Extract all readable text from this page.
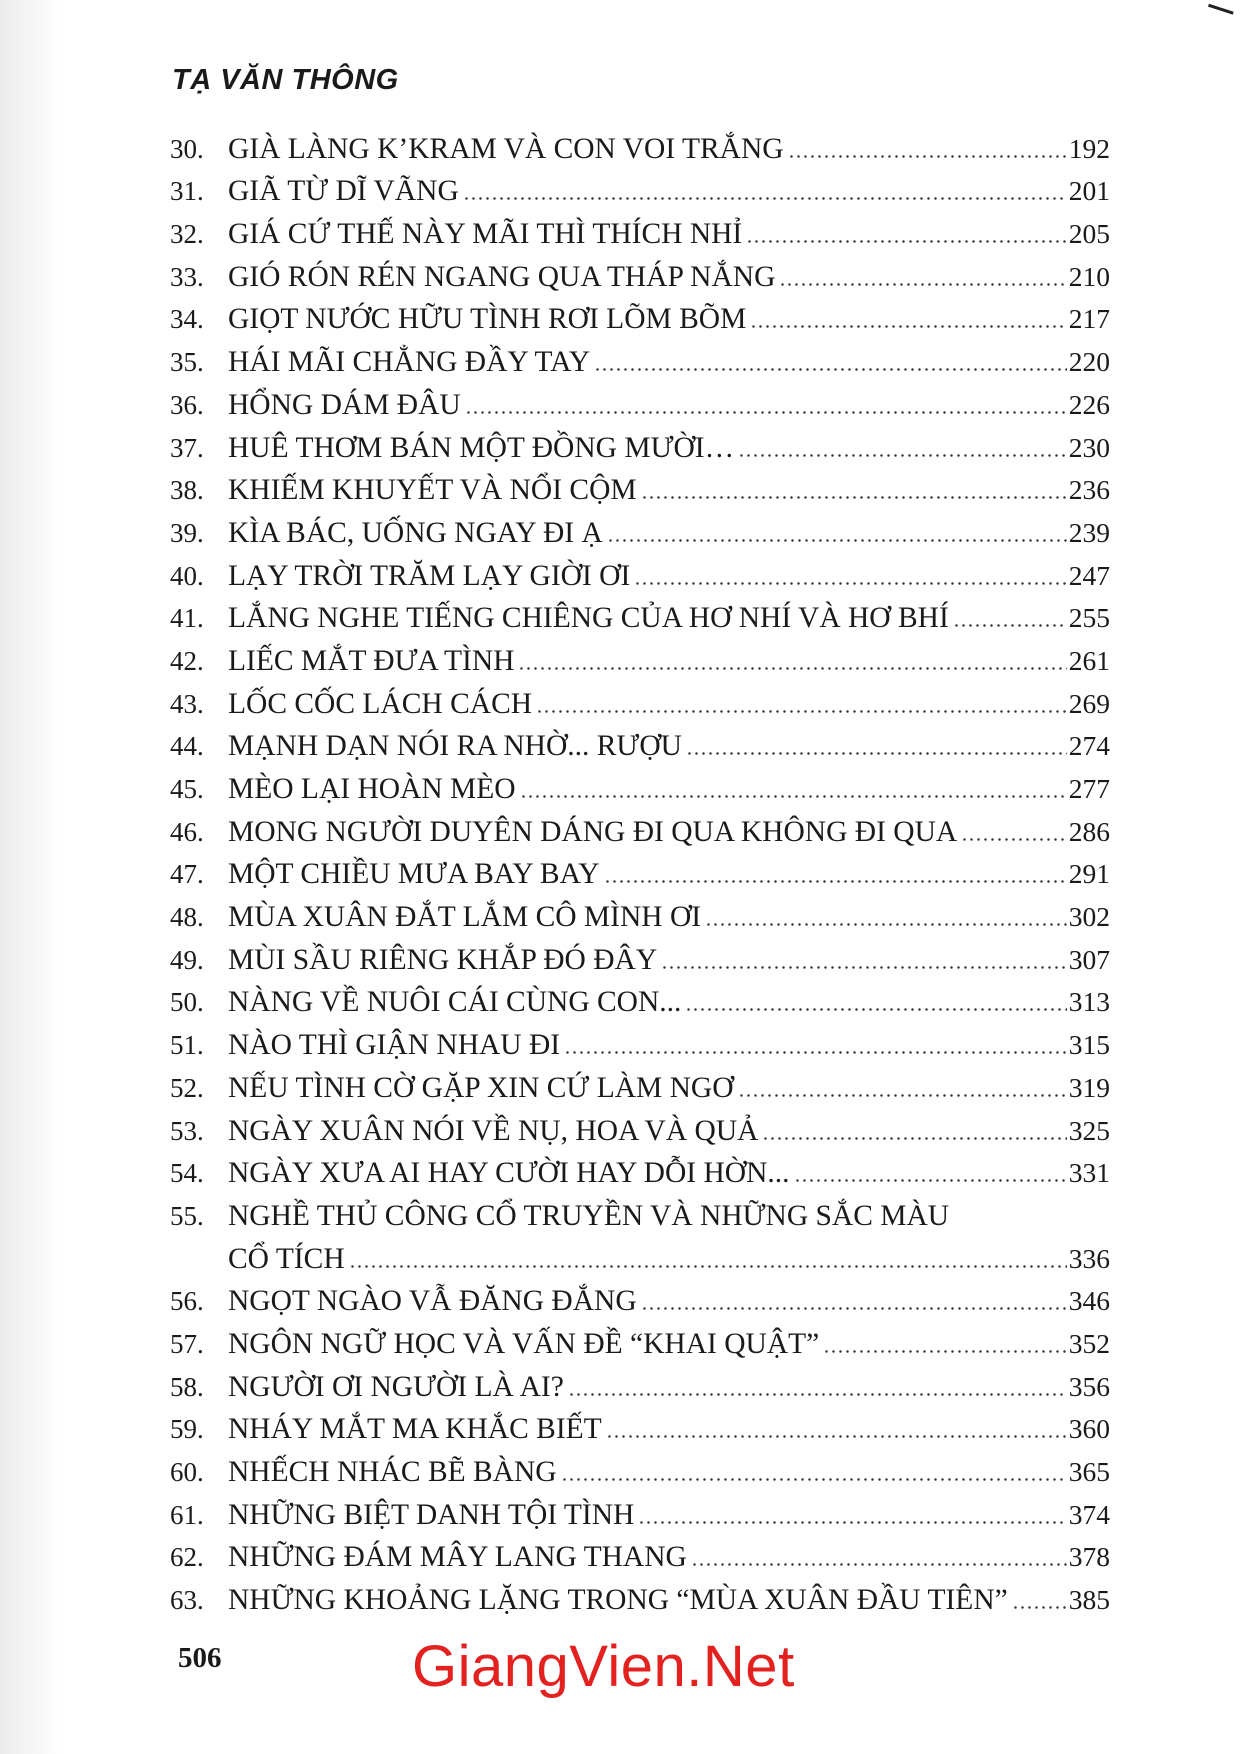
TẠ VĂN THÔNG
30. GIÀ LÀNG K’KRAM VÀ CON VOI TRẮNG	192
31. GIÃ TỪ DĨ VÃNG	201
32. GIÁ CỨ THẾ NÀY MÃI THÌ THÍCH NHỈ	205
33. GIÓ RÓN RÉN NGANG QUA THÁP NẮNG	210
34. GIỌT NƯỚC HỮU TÌNH RƠI LÕM BÕM	217
35. HÁI MÃI CHẲNG ĐẦY TAY	220
36. HỔNG DÁM ĐÂU	226
37. HUÊ THƠM BÁN MỘT ĐỒNG MƯỜI…	230
38. KHIẾM KHUYẾT VÀ NỔI CỘM	236
39. KÌA BÁC, UỐNG NGAY ĐI Ạ	239
40. LẠY TRỜI TRĂM LẠY GIỜI ƠI	247
41. LẮNG NGHE TIẾNG CHIÊNG CỦA HƠ NHÍ VÀ HƠ BHÍ	255
42. LIẾC MẮT ĐƯA TÌNH	261
43. LỐC CỐC LÁCH CÁCH	269
44. MẠNH DẠN NÓI RA NHỜ... RƯỢU	274
45. MÈO LẠI HOÀN MÈO	277
46. MONG NGƯỜI DUYÊN DÁNG ĐI QUA KHÔNG ĐI QUA	286
47. MỘT CHIỀU MƯA BAY BAY	291
48. MÙA XUÂN ĐẮT LẮM CÔ MÌNH ƠI	302
49. MÙI SẦU RIÊNG KHẮP ĐÓ ĐÂY	307
50. NÀNG VỀ NUÔI CÁI CÙNG CON...	313
51. NÀO THÌ GIẬN NHAU ĐI	315
52. NẾU TÌNH CỜ GẶP XIN CỨ LÀM NGƠ	319
53. NGÀY XUÂN NÓI VỀ NỤ, HOA VÀ QUẢ	325
54. NGÀY XƯA AI HAY CƯỜI HAY DỖI HỜN...	331
55. NGHỀ THỦ CÔNG CỔ TRUYỀN VÀ NHỮNG SẮC MÀU
CỔ TÍCH	336
56. NGỌT NGÀO VẪ ĐĂNG ĐẮNG	346
57. NGÔN NGỮ HỌC VÀ VẤN ĐỀ “KHAI QUẬT”	352
58. NGƯỜI ƠI NGƯỜI LÀ AI?	356
59. NHÁY MẮT MA KHẮC BIẾT	360
60. NHẾCH NHÁC BẼ BÀNG	365
61. NHỮNG BIỆT DANH TỘI TÌNH	374
62. NHỮNG ĐÁM MÂY LANG THANG	378
63. NHỮNG KHOẢNG LẶNG TRONG “MÙA XUÂN ĐẦU TIÊN” 385
506	GiangVien.Net
